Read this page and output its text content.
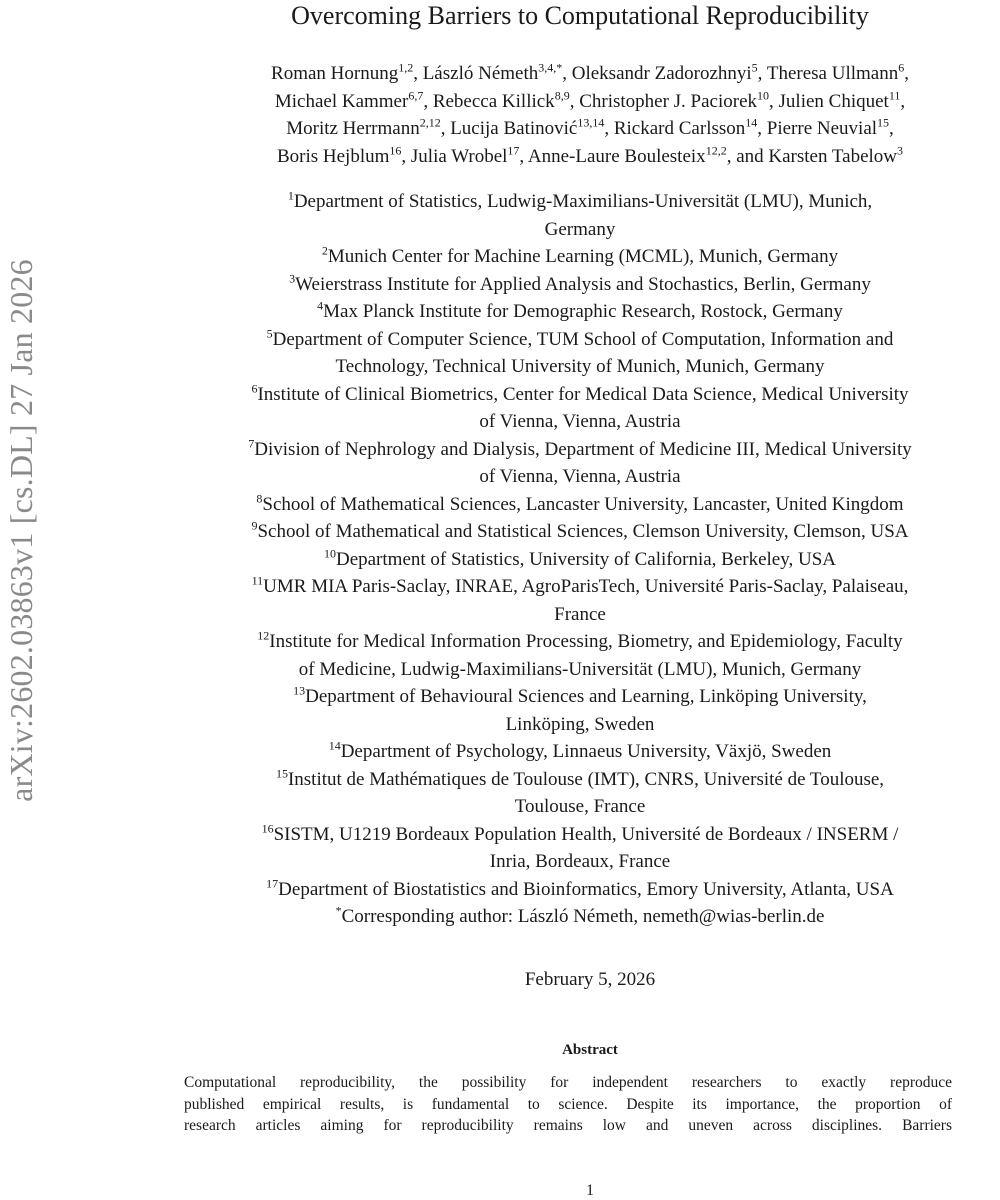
arXiv:2602.03863v1 [cs.DL] 27 Jan 2026
Overcoming Barriers to Computational Reproducibility
Roman Hornung$^{1,2}$, László Németh$^{3,4,*}$, Oleksandr Zadorozhnyi$^5$, Theresa Ullmann$^6$,
Michael Kammer$^{6,7}$, Rebecca Killick$^{8,9}$, Christopher J. Paciorek$^{10}$, Julien Chiquet$^{11}$,
Moritz Herrmann$^{2,12}$, Lucija Batinović$^{13,14}$, Rickard Carlsson$^{14}$, Pierre Neuvial$^{15}$,
Boris Hejblum$^{16}$, Julia Wrobel$^{17}$, Anne-Laure Boulesteix$^{12,2}$, and Karsten Tabelow$^3$
$^1$Department of Statistics, Ludwig-Maximilians-Universität (LMU), Munich,
Germany
$^2$Munich Center for Machine Learning (MCML), Munich, Germany
$^3$Weierstrass Institute for Applied Analysis and Stochastics, Berlin, Germany
$^4$Max Planck Institute for Demographic Research, Rostock, Germany
$^5$Department of Computer Science, TUM School of Computation, Information and
Technology, Technical University of Munich, Munich, Germany
$^6$Institute of Clinical Biometrics, Center for Medical Data Science, Medical University
of Vienna, Vienna, Austria
$^7$Division of Nephrology and Dialysis, Department of Medicine III, Medical University
of Vienna, Vienna, Austria
$^8$School of Mathematical Sciences, Lancaster University, Lancaster, United Kingdom
$^9$School of Mathematical and Statistical Sciences, Clemson University, Clemson, USA
$^{10}$Department of Statistics, University of California, Berkeley, USA
$^{11}$UMR MIA Paris-Saclay, INRAE, AgroParisTech, Université Paris-Saclay, Palaiseau,
France
$^{12}$Institute for Medical Information Processing, Biometry, and Epidemiology, Faculty
of Medicine, Ludwig-Maximilians-Universität (LMU), Munich, Germany
$^{13}$Department of Behavioural Sciences and Learning, Linköping University,
Linköping, Sweden
$^{14}$Department of Psychology, Linnaeus University, Växjö, Sweden
$^{15}$Institut de Mathématiques de Toulouse (IMT), CNRS, Université de Toulouse,
Toulouse, France
$^{16}$SISTM, U1219 Bordeaux Population Health, Université de Bordeaux / INSERM /
Inria, Bordeaux, France
$^{17}$Department of Biostatistics and Bioinformatics, Emory University, Atlanta, USA
*Corresponding author: László Németh, nemeth@wias-berlin.de
February 5, 2026
Abstract
Computational reproducibility, the possibility for independent researchers to exactly reproduce
published empirical results, is fundamental to science. Despite its importance, the proportion of
research articles aiming for reproducibility remains low and uneven across disciplines. Barriers
1
